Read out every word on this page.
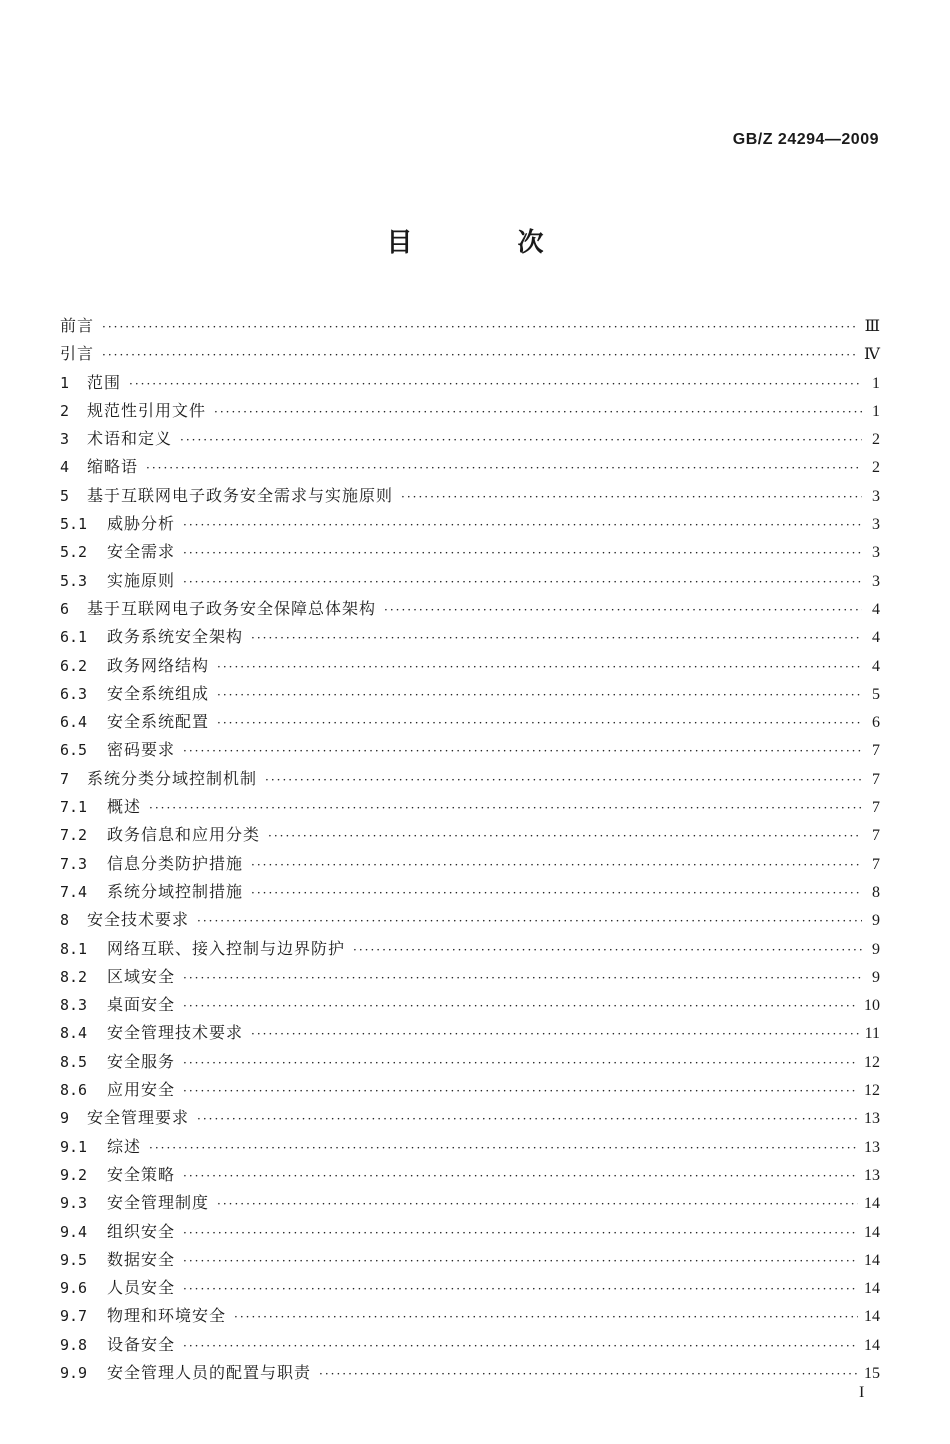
GB/Z 24294—2009
目 次
前言 ·····	Ⅲ
引言 ·····	Ⅳ
1	范围 ·····	1
2	规范性引用文件 ·····	1
3	术语和定义 ·····	2
4	缩略语 ·····	2
5	基于互联网电子政务安全需求与实施原则 ·····	3
5.1	威胁分析 ·····	3
5.2	安全需求 ·····	3
5.3	实施原则 ·····	3
6	基于互联网电子政务安全保障总体架构 ·····	4
6.1	政务系统安全架构 ·····	4
6.2	政务网络结构 ·····	4
6.3	安全系统组成 ·····	5
6.4	安全系统配置 ·····	6
6.5	密码要求 ·····	7
7	系统分类分域控制机制 ·····	7
7.1	概述 ·····	7
7.2	政务信息和应用分类 ·····	7
7.3	信息分类防护措施 ·····	7
7.4	系统分域控制措施 ·····	8
8	安全技术要求 ·····	9
8.1	网络互联、接入控制与边界防护 ·····	9
8.2	区域安全 ·····	9
8.3	桌面安全 ·····	10
8.4	安全管理技术要求 ·····	11
8.5	安全服务 ·····	12
8.6	应用安全 ·····	12
9	安全管理要求 ·····	13
9.1	综述 ·····	13
9.2	安全策略 ·····	13
9.3	安全管理制度 ·····	14
9.4	组织安全 ·····	14
9.5	数据安全 ·····	14
9.6	人员安全 ·····	14
9.7	物理和环境安全 ·····	14
9.8	设备安全 ·····	14
9.9	安全管理人员的配置与职责 ·····	15
I
